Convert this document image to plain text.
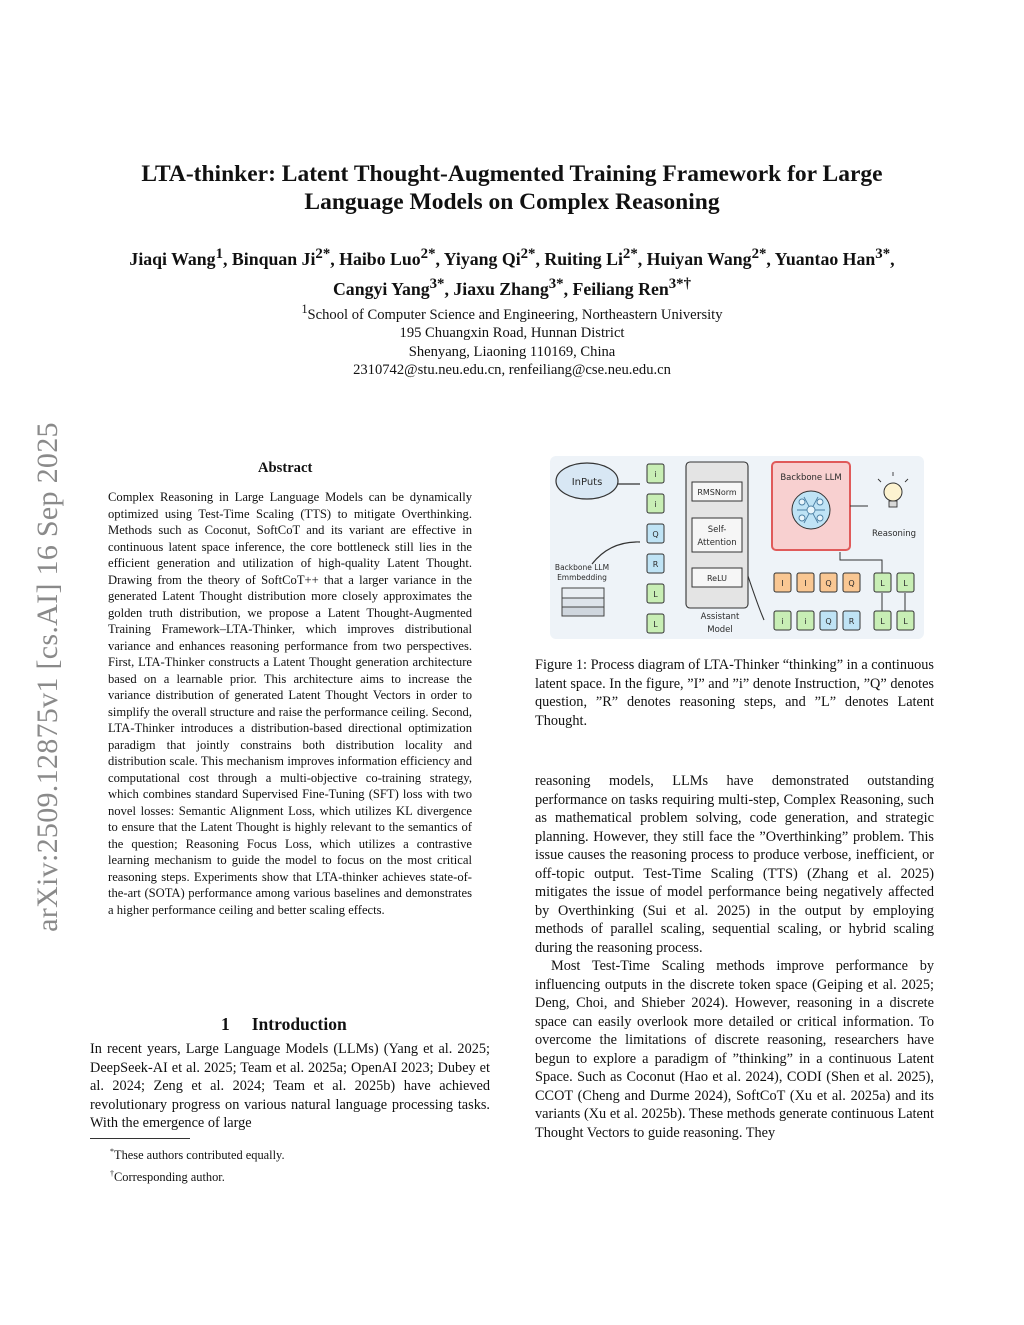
arXiv:2509.12875v1 [cs.AI] 16 Sep 2025
LTA-thinker: Latent Thought-Augmented Training Framework for Large Language Models on Complex Reasoning
Jiaqi Wang$^1$, Binquan $Ji^{2*}$, Haibo Luo$^{2*}$, Yiyang $Qi^{2*}$, Ruiting $Li^{2*}$, Huiyan Wang$^{2*}$, Yuantao Han$^{3*}$, Cangyi Yang$^{3*}$, Jiaxu Zhang$^{3*}$, Feiliang Ren$^{3*\dagger}$
$^1$School of Computer Science and Engineering, Northeastern University
195 Chuangxin Road, Hunnan District
Shenyang, Liaoning 110169, China
2310742@stu.neu.edu.cn, renfeiliang@cse.neu.edu.cn
Abstract

Complex Reasoning in Large Language Models can be dynamically optimized using Test-Time Scaling (TTS) to mitigate Overthinking. Methods such as Coconut, SoftCoT and its variant are effective in continuous latent space inference, the core bottleneck still lies in the efficient generation and utilization of high-quality Latent Thought. Drawing from the theory of SoftCoT++ that a larger variance in the generated Latent Thought distribution more closely approximates the golden truth distribution, we propose a Latent Thought-Augmented Training Framework–LTA-Thinker, which improves distributional variance and enhances reasoning performance from two perspectives. First, LTA-Thinker constructs a Latent Thought generation architecture based on a learnable prior. This architecture aims to increase the variance distribution of generated Latent Thought Vectors in order to simplify the overall structure and raise the performance ceiling. Second, LTA-Thinker introduces a distribution-based directional optimization paradigm that jointly constrains both distribution locality and distribution scale. This mechanism improves information efficiency and computational cost through a multi-objective co-training strategy, which combines standard Supervised Fine-Tuning (SFT) loss with two novel losses: Semantic Alignment Loss, which utilizes KL divergence to ensure that the Latent Thought is highly relevant to the semantics of the question; Reasoning Focus Loss, which utilizes a contrastive learning mechanism to guide the model to focus on the most critical reasoning steps. Experiments show that LTA-thinker achieves state-of-the-art (SOTA) performance among various baselines and demonstrates a higher performance ceiling and better scaling effects.

1 Introduction

In recent years, Large Language Models (LLMs) (Yang et al. 2025; DeepSeek-AI et al. 2025; Team et al. 2025a; OpenAI 2023; Dubey et al. 2024; Zeng et al. 2024; Team et al. 2025b) have achieved revolutionary progress on various natural language processing tasks. With the emergence of large

*These authors contributed equally.
†Corresponding author.
InPuts
Backbone LLM
Emmbedding
i
i
Q
R
L
L
RMSNorm
Self-
Attention
ReLU
Assistant
Model
Backbone LLM
Reasoning
I	I Q Q	L L
i	i Q R	L L

Figure 1: Process diagram of LTA-Thinker “thinking” in a continuous latent space. In the figure, ”I” and ”i” denote Instruction, ”Q” denotes question, ”R” denotes reasoning steps, and ”L” denotes Latent Thought.

reasoning models, LLMs have demonstrated outstanding performance on tasks requiring multi-step, Complex Reasoning, such as mathematical problem solving, code generation, and strategic planning. However, they still face the ”Overthinking” problem. This issue causes the reasoning process to produce verbose, inefficient, or off-topic output. Test-Time Scaling (TTS) (Zhang et al. 2025) mitigates the issue of model performance being negatively affected by Overthinking (Sui et al. 2025) in the output by employing methods of parallel scaling, sequential scaling, or hybrid scaling during the reasoning process.

Most Test-Time Scaling methods improve performance by influencing outputs in the discrete token space (Geiping et al. 2025; Deng, Choi, and Shieber 2024). However, reasoning in a discrete space can easily overlook more detailed or critical information. To overcome the limitations of discrete reasoning, researchers have begun to explore a paradigm of ”thinking” in a continuous Latent Space. Such as Coconut (Hao et al. 2024), CODI (Shen et al. 2025), CCOT (Cheng and Durme 2024), SoftCoT (Xu et al. 2025a) and its variants (Xu et al. 2025b). These methods generate continuous Latent Thought Vectors to guide reasoning. They
